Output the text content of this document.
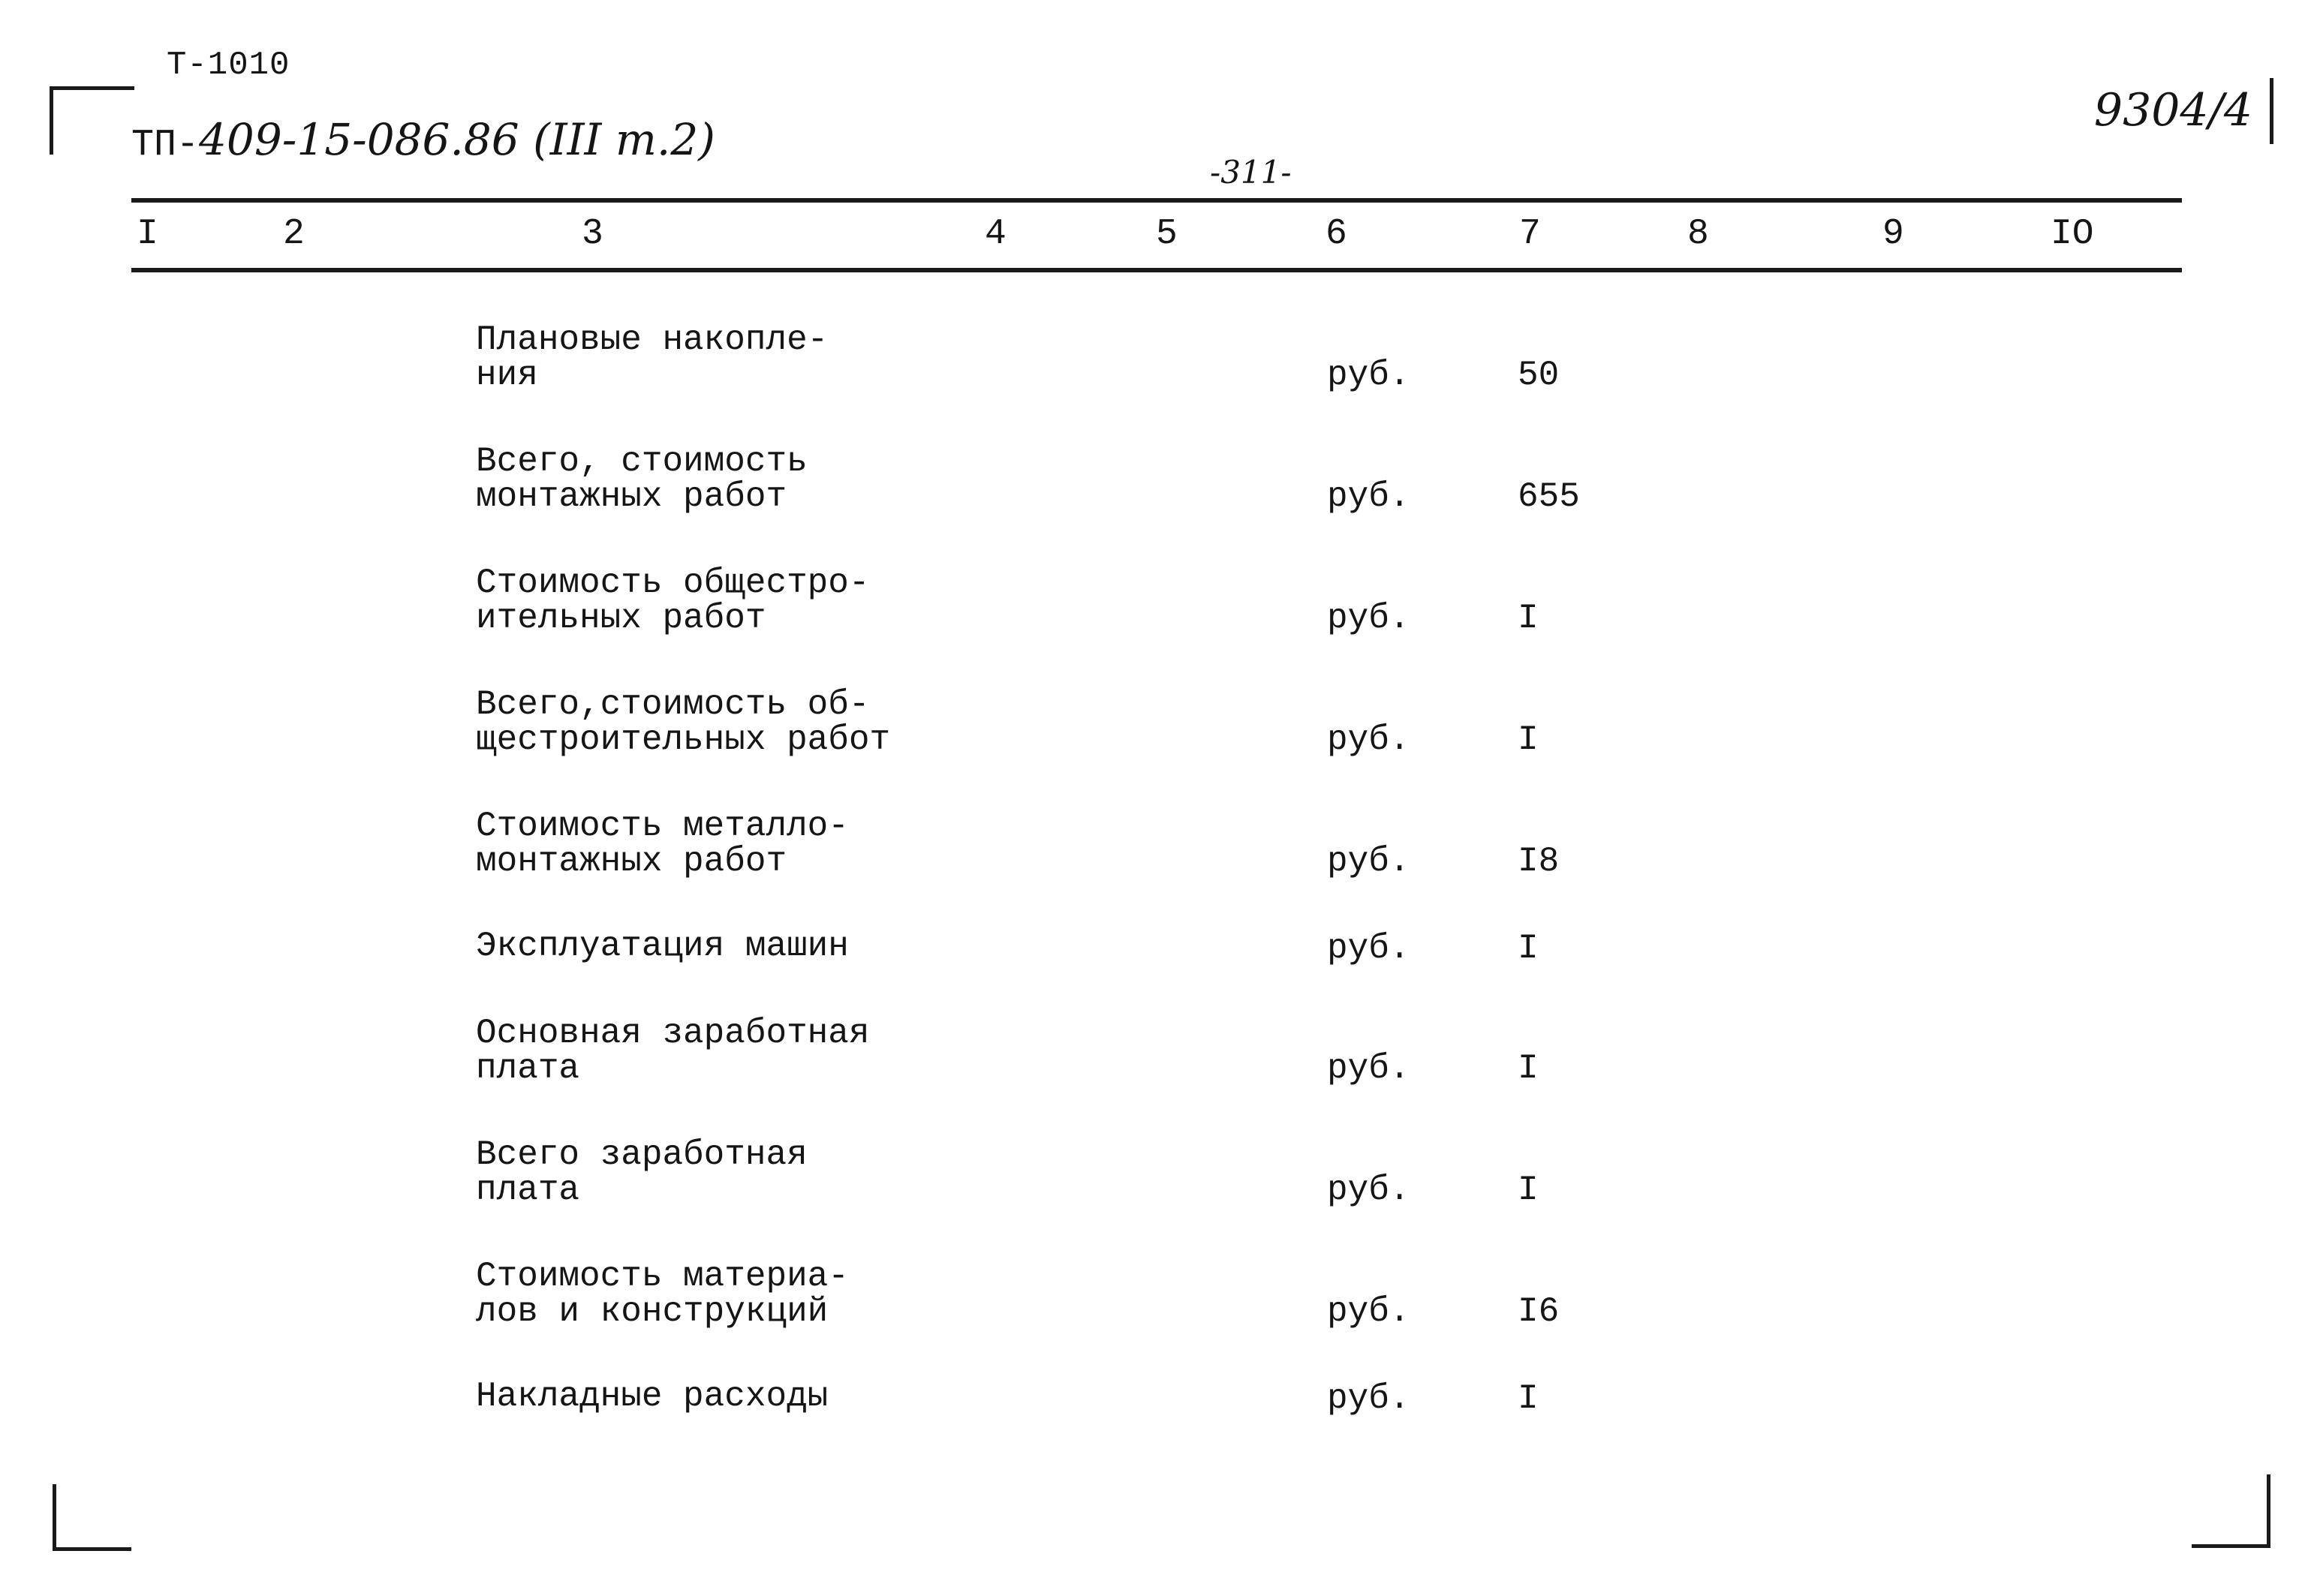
Т-1010
ТП-409-15-086.86 (III т.2)
-311-
9304/4
I	2	3	4	5	6	7	8	9	IO
Плановые накопле-
ния	руб.	50
Всего, стоимость
монтажных работ	руб.	655
Стоимость общестро-
ительных работ	руб.	I
Всего,стоимость об-
щестроительных работ	руб.	I
Стоимость металло-
монтажных работ	руб.	I8
Эксплуатация машин	руб.	I
Основная заработная
плата	руб.	I
Всего заработная
плата	руб.	I
Стоимость материа-
лов и конструкций	руб.	I6
Накладные расходы	руб.	I
